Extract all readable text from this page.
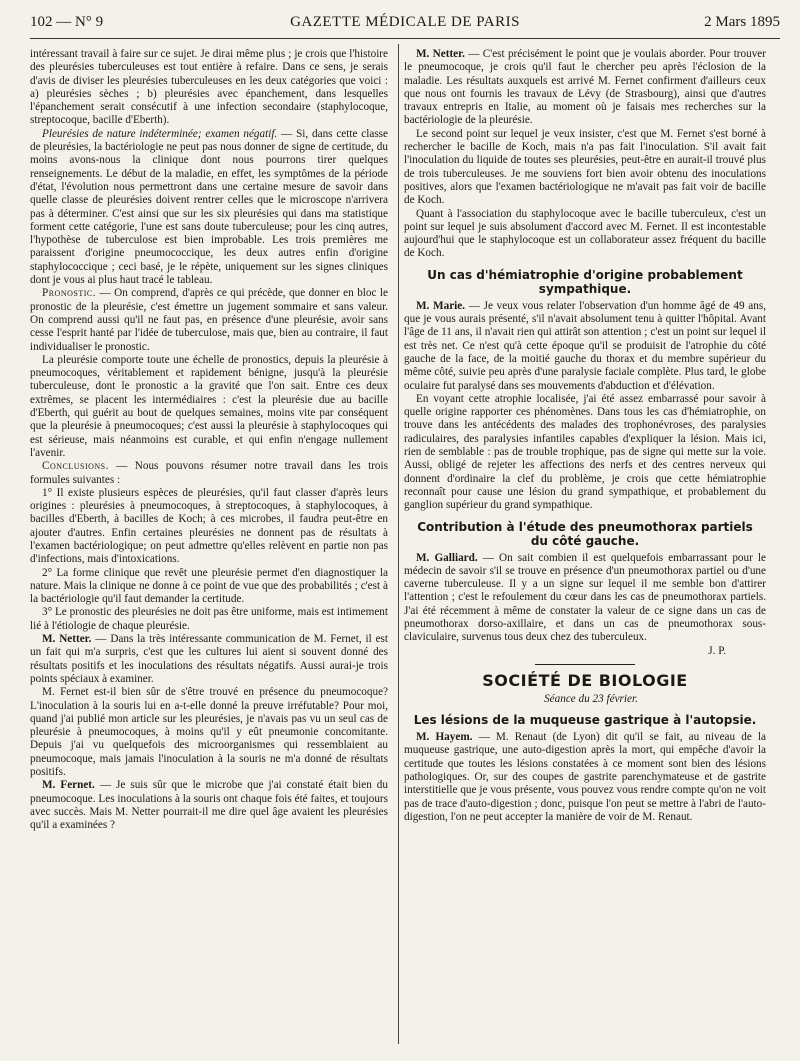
102 — N° 9	GAZETTE MÉDICALE DE PARIS	2 Mars 1895

intéressant travail à faire sur ce sujet. Je dirai même plus ; je crois que l'histoire des pleurésies tuberculeuses est tout entière à refaire. Dans ce sens, je serais d'avis de diviser les pleurésies tuberculeuses en les deux catégories que voici : a) pleurésies sèches ; b) pleurésies avec épanchement, dans lesquelles l'épanchement serait consécutif à une infection secondaire (staphylocoque, streptocoque, bacille d'Eberth).

Pleurésies de nature indéterminée; examen négatif. — Si, dans cette classe de pleurésies, la bactériologie ne peut pas nous donner de signe de certitude, du moins avons-nous la clinique dont nous pourrons tirer quelques renseignements. Le début de la maladie, en effet, les symptômes de la période d'état, l'évolution nous permettront dans une certaine mesure de savoir dans quelle classe de pleurésies doivent rentrer celles que le microscope n'arrivera pas à déterminer. C'est ainsi que sur les six pleurésies qui dans ma statistique forment cette catégorie, l'une est sans doute tuberculeuse; pour les cinq autres, l'hypothèse de tuberculose est bien improbable. Les trois premières me paraissent d'origine pneumococcique, les deux autres enfin d'origine staphylococcique ; ceci basé, je le répète, uniquement sur les signes cliniques dont je vous ai plus haut tracé le tableau.

Pronostic. — On comprend, d'après ce qui précède, que donner en bloc le pronostic de la pleurésie, c'est émettre un jugement sommaire et sans valeur. On comprend aussi qu'il ne faut pas, en présence d'une pleurésie, avoir sans cesse l'esprit hanté par l'idée de tuberculose, mais que, bien au contraire, il faut individualiser le pronostic.

La pleurésie comporte toute une échelle de pronostics, depuis la pleurésie à pneumocoques, véritablement et rapidement bénigne, jusqu'à la pleurésie tuberculeuse, dont le pronostic a la gravité que l'on sait. Entre ces deux extrêmes, se placent les intermédiaires : c'est la pleurésie due au bacille d'Eberth, qui guérit au bout de quelques semaines, moins vite par conséquent que la pleurésie à pneumocoques; c'est aussi la pleurésie à staphylocoques qui est sérieuse, mais néanmoins est curable, et qui enfin n'engage nullement l'avenir.

Conclusions. — Nous pouvons résumer notre travail dans les trois formules suivantes :

1° Il existe plusieurs espèces de pleurésies, qu'il faut classer d'après leurs origines : pleurésies à pneumocoques, à streptocoques, à staphylocoques, à bacilles d'Eberth, à bacilles de Koch; à ces microbes, il faudra peut-être en ajouter d'autres. Enfin certaines pleurésies ne donnent pas de résultats à l'examen bactériologique; on peut admettre qu'elles relèvent en partie non pas d'infections, mais d'intoxications.

2° La forme clinique que revêt une pleurésie permet d'en diagnostiquer la nature. Mais la clinique ne donne à ce point de vue que des probabilités ; c'est à la bactériologie qu'il faut demander la certitude.

3° Le pronostic des pleurésies ne doit pas être uniforme, mais est intimement lié à l'étiologie de chaque pleurésie.

M. Netter. — Dans la très intéressante communication de M. Fernet, il est un fait qui m'a surpris, c'est que les cultures lui aient si souvent donné des résultats positifs et les inoculations des résultats négatifs. Aussi aurai-je trois points spéciaux à examiner.

M. Fernet est-il bien sûr de s'être trouvé en présence du pneumocoque? L'inoculation à la souris lui en a-t-elle donné la preuve irréfutable? Pour moi, quand j'ai publié mon article sur les pleurésies, je n'avais pas vu un seul cas de pleurésie à pneumocoques, à moins qu'il y eût pneumonie concomitante. Depuis j'ai vu quelquefois des microorganismes qui ressemblaient au pneumocoque, mais jamais l'inoculation à la souris ne m'a donné de résultats positifs.

M. Fernet. — Je suis sûr que le microbe que j'ai constaté était bien du pneumocoque. Les inoculations à la souris ont chaque fois été faites, et toujours avec succès. Mais M. Netter pourrait-il me dire quel âge avaient les pleurésies qu'il a examinées ?

M. Netter. — C'est précisément le point que je voulais aborder. Pour trouver le pneumocoque, je crois qu'il faut le chercher peu après l'éclosion de la maladie. Les résultats auxquels est arrivé M. Fernet confirment d'ailleurs ceux que nous ont fournis les travaux de Lévy (de Strasbourg), ainsi que d'autres travaux entrepris en Italie, au moment où je faisais mes recherches sur la bactériologie de la pleurésie.

Le second point sur lequel je veux insister, c'est que M. Fernet s'est borné à rechercher le bacille de Koch, mais n'a pas fait l'inoculation. S'il avait fait l'inoculation du liquide de toutes ses pleurésies, peut-être en aurait-il trouvé plus de trois tuberculeuses. Je me souviens fort bien avoir obtenu des inoculations positives, alors que l'examen bactériologique ne m'avait pas fait voir de bacille de Koch.

Quant à l'association du staphylocoque avec le bacille tuberculeux, c'est un point sur lequel je suis absolument d'accord avec M. Fernet. Il est incontestable aujourd'hui que le staphylocoque est un collaborateur assez fréquent du bacille de Koch.

Un cas d'hémiatrophie d'origine probablement sympathique.

M. Marie. — Je veux vous relater l'observation d'un homme âgé de 49 ans, que je vous aurais présenté, s'il n'avait absolument tenu à quitter l'hôpital. Avant l'âge de 11 ans, il n'avait rien qui attirât son attention ; c'est un point sur lequel il est très net. Ce n'est qu'à cette époque qu'il se produisit de l'atrophie du côté gauche de la face, de la moitié gauche du thorax et du membre supérieur du même côté, suivie peu après d'une paralysie faciale complète. Plus tard, le globe oculaire fut paralysé dans ses mouvements d'abduction et d'élévation.

En voyant cette atrophie localisée, j'ai été assez embarrassé pour savoir à quelle origine rapporter ces phénomènes. Dans tous les cas d'hémiatrophie, on trouve dans les antécédents des malades des trophonévroses, des paralysies radiculaires, des paralysies infantiles capables d'expliquer la lésion. Mais ici, rien de semblable : pas de trouble trophique, pas de signe qui mette sur la voie. Aussi, obligé de rejeter les affections des nerfs et des centres nerveux qui donnent d'ordinaire la clef du problème, je crois que cette hémiatrophie reconnaît pour cause une lésion du grand sympathique, et probablement du ganglion supérieur du grand sympathique.

Contribution à l'étude des pneumothorax partiels du côté gauche.

M. Galliard. — On sait combien il est quelquefois embarrassant pour le médecin de savoir s'il se trouve en présence d'un pneumothorax partiel ou d'une caverne tuberculeuse. Il y a un signe sur lequel il me semble bon d'attirer l'attention ; c'est le refoulement du cœur dans les cas de pneumothorax partiels. J'ai été récemment à même de constater la valeur de ce signe dans un cas de pneumothorax dorso-axillaire, et dans un cas de pneumothorax sous-claviculaire, survenus tous deux chez des tuberculeux.

J. P.

SOCIÉTÉ DE BIOLOGIE

Séance du 23 février.

Les lésions de la muqueuse gastrique à l'autopsie.

M. Hayem. — M. Renaut (de Lyon) dit qu'il se fait, au niveau de la muqueuse gastrique, une auto-digestion après la mort, qui empêche d'avoir la certitude que toutes les lésions constatées à ce moment sont bien des lésions pathologiques. Or, sur des coupes de gastrite parenchymateuse et de gastrite interstitielle que je vous présente, vous pouvez vous rendre compte qu'on ne voit pas de trace d'auto-digestion ; donc, puisque l'on peut se mettre à l'abri de l'auto-digestion, l'on ne peut accepter la manière de voir de M. Renaut.
